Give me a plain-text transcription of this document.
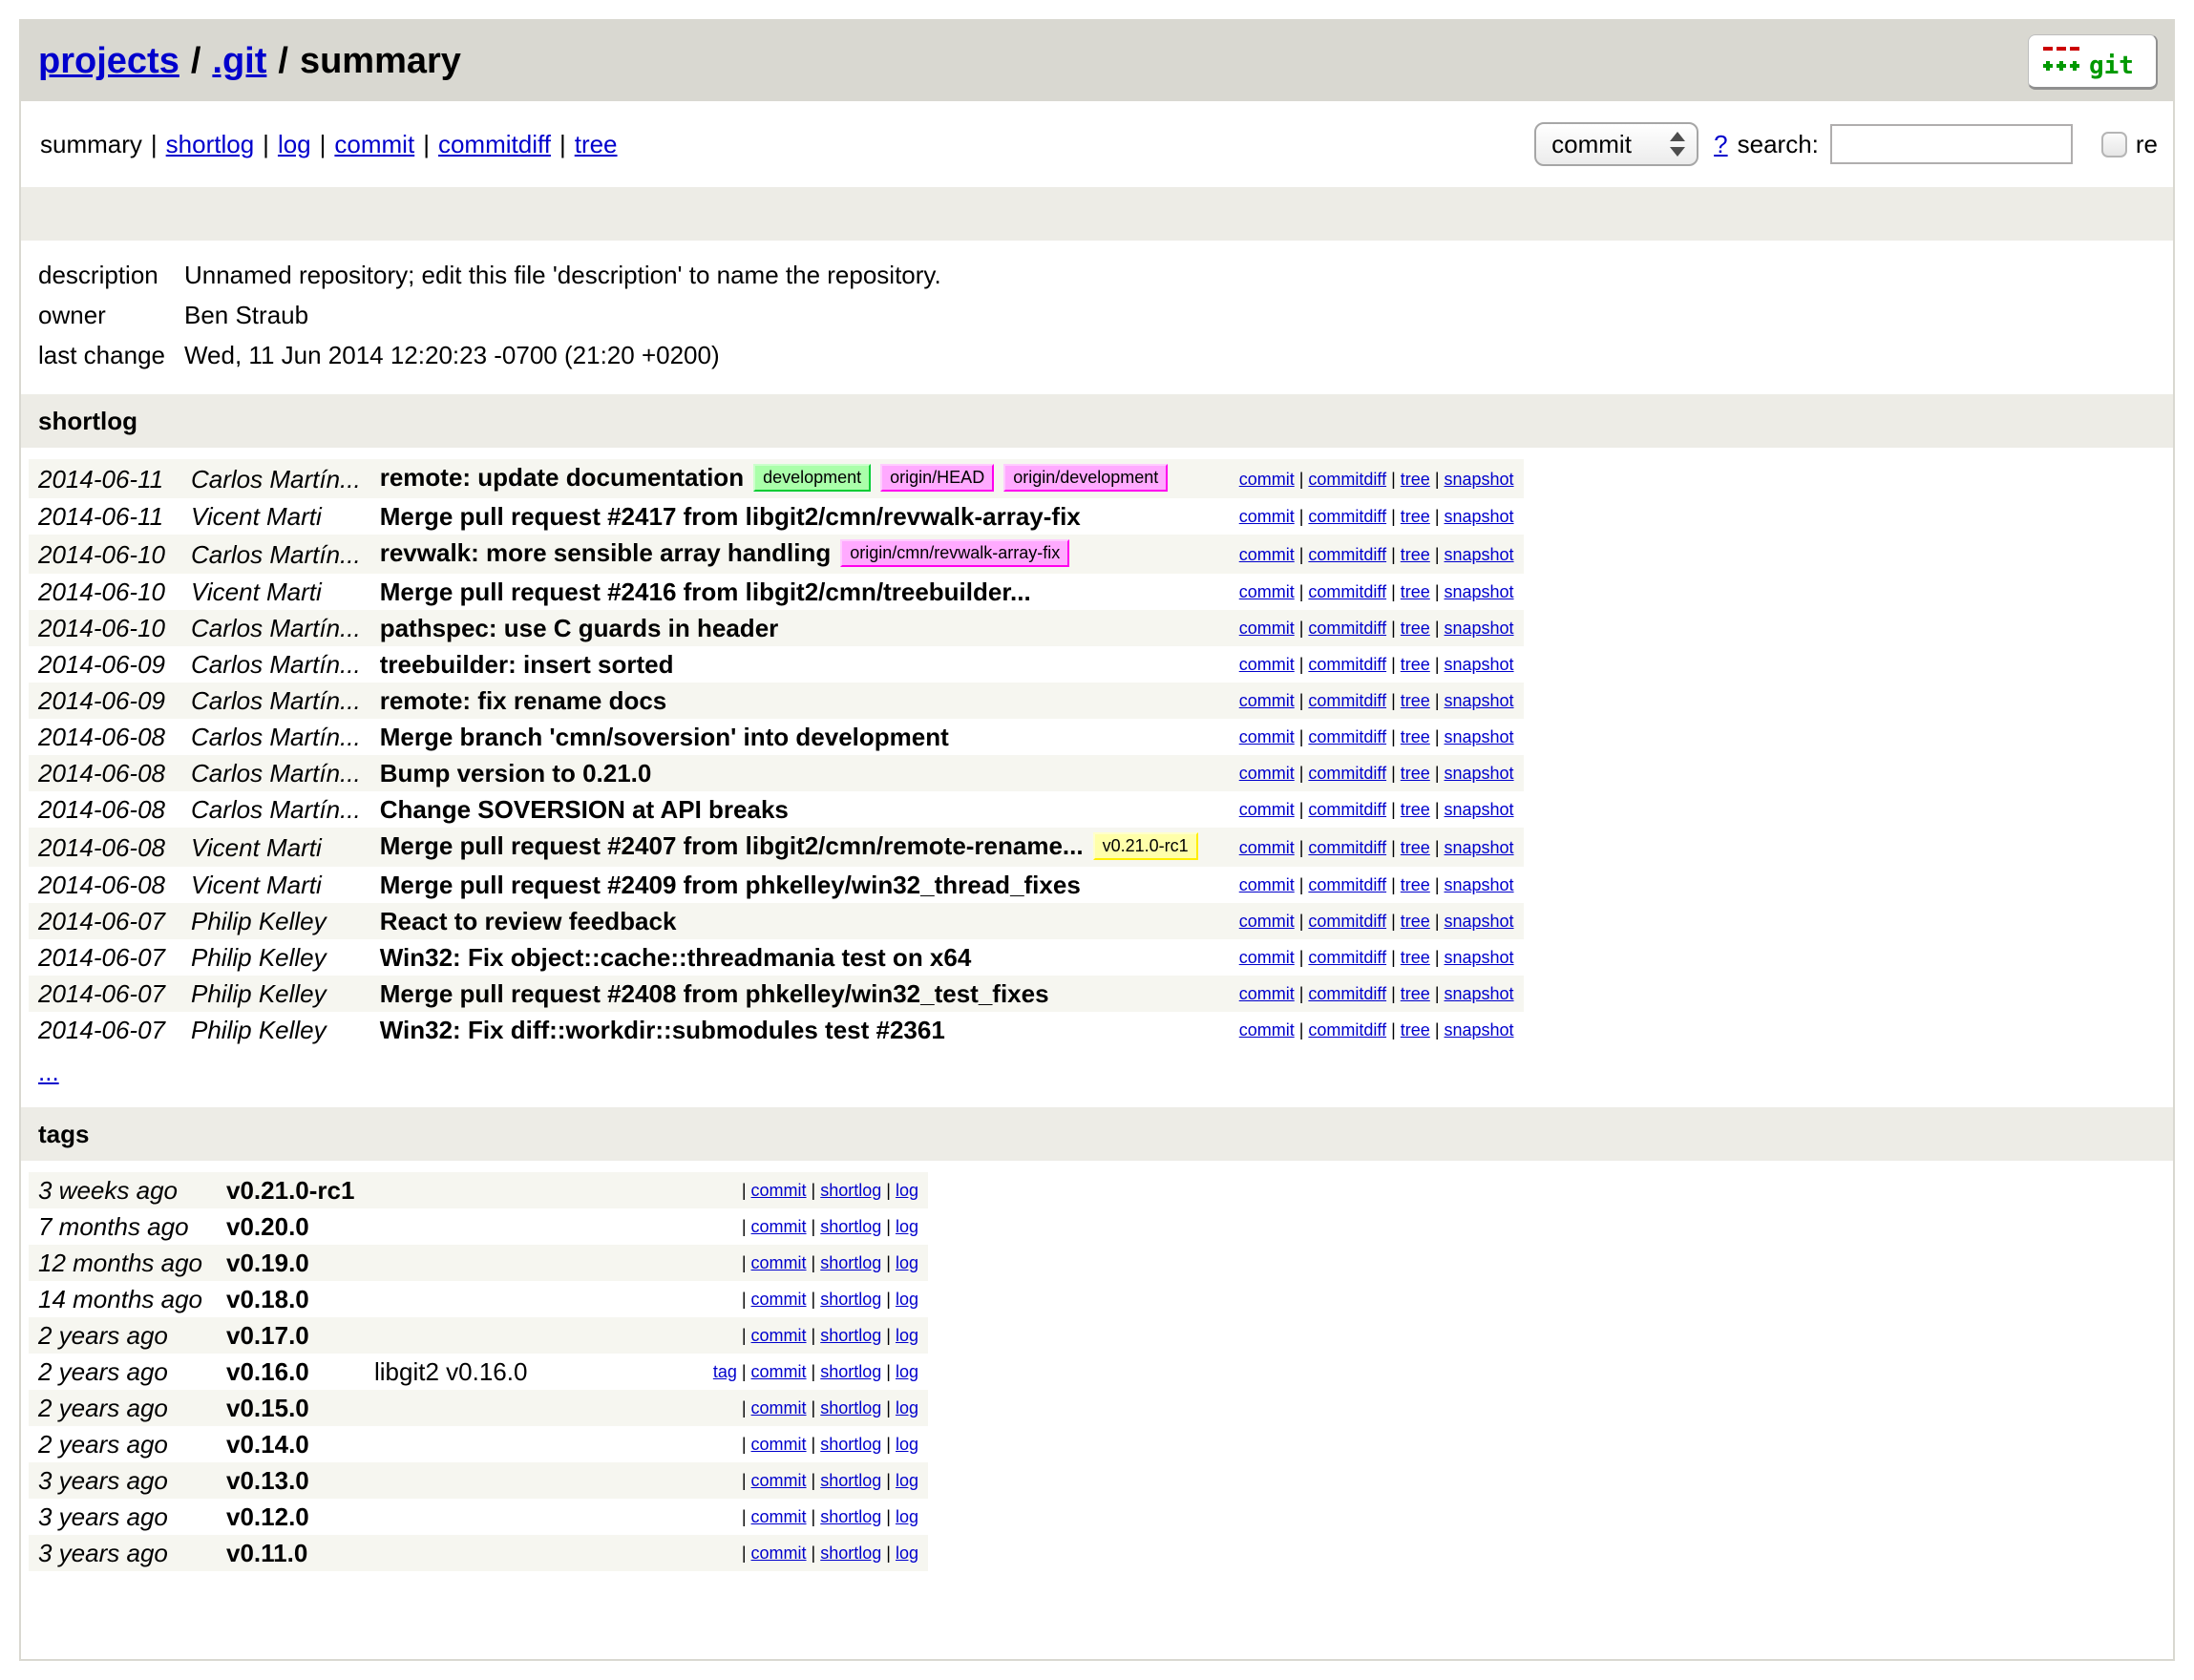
projects / .git / summary	git
summary | shortlog | log | commit | commitdiff | tree	commit	? search:	re
description	Unnamed repository; edit this file 'description' to name the repository.
owner	Ben Straub
last change	Wed, 11 Jun 2014 12:20:23 -0700 (21:20 +0200)
shortlog
2014-06-11	Carlos Martín...	remote: update documentation development origin/HEAD origin/development	commit | commitdiff | tree | snapshot
2014-06-11	Vicent Marti	Merge pull request #2417 from libgit2/cmn/revwalk-array-fix	commit | commitdiff | tree | snapshot
2014-06-10	Carlos Martín...	revwalk: more sensible array handling origin/cmn/revwalk-array-fix	commit | commitdiff | tree | snapshot
2014-06-10	Vicent Marti	Merge pull request #2416 from libgit2/cmn/treebuilder...	commit | commitdiff | tree | snapshot
2014-06-10	Carlos Martín...	pathspec: use C guards in header	commit | commitdiff | tree | snapshot
2014-06-09	Carlos Martín...	treebuilder: insert sorted	commit | commitdiff | tree | snapshot
2014-06-09	Carlos Martín...	remote: fix rename docs	commit | commitdiff | tree | snapshot
2014-06-08	Carlos Martín...	Merge branch 'cmn/soversion' into development	commit | commitdiff | tree | snapshot
2014-06-08	Carlos Martín...	Bump version to 0.21.0	commit | commitdiff | tree | snapshot
2014-06-08	Carlos Martín...	Change SOVERSION at API breaks	commit | commitdiff | tree | snapshot
2014-06-08	Vicent Marti	Merge pull request #2407 from libgit2/cmn/remote-rename... v0.21.0-rc1	commit | commitdiff | tree | snapshot
2014-06-08	Vicent Marti	Merge pull request #2409 from phkelley/win32_thread_fixes	commit | commitdiff | tree | snapshot
2014-06-07	Philip Kelley	React to review feedback	commit | commitdiff | tree | snapshot
2014-06-07	Philip Kelley	Win32: Fix object::cache::threadmania test on x64	commit | commitdiff | tree | snapshot
2014-06-07	Philip Kelley	Merge pull request #2408 from phkelley/win32_test_fixes	commit | commitdiff | tree | snapshot
2014-06-07	Philip Kelley	Win32: Fix diff::workdir::submodules test #2361	commit | commitdiff | tree | snapshot
...			
tags
3 weeks ago	v0.21.0-rc1		| commit | shortlog | log
7 months ago	v0.20.0		| commit | shortlog | log
12 months ago	v0.19.0		| commit | shortlog | log
14 months ago	v0.18.0		| commit | shortlog | log
2 years ago	v0.17.0		| commit | shortlog | log
2 years ago	v0.16.0	libgit2 v0.16.0	tag | commit | shortlog | log
2 years ago	v0.15.0		| commit | shortlog | log
2 years ago	v0.14.0		| commit | shortlog | log
3 years ago	v0.13.0		| commit | shortlog | log
3 years ago	v0.12.0		| commit | shortlog | log
3 years ago	v0.11.0		| commit | shortlog | log
